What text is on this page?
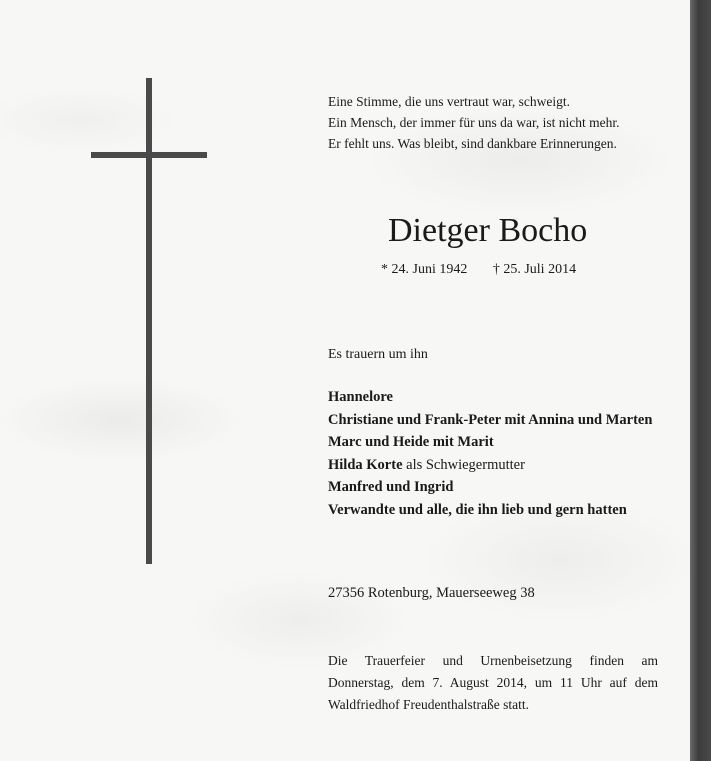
Eine Stimme, die uns vertraut war, schweigt.
Ein Mensch, der immer für uns da war, ist nicht mehr.
Er fehlt uns. Was bleibt, sind dankbare Erinnerungen.
Dietger Bocho
* 24. Juni 1942 † 25. Juli 2014
Es trauern um ihn
Hannelore
Christiane und Frank-Peter mit Annina und Marten
Marc und Heide mit Marit
Hilda Korte als Schwiegermutter
Manfred und Ingrid
Verwandte und alle, die ihn lieb und gern hatten
27356 Rotenburg, Mauerseeweg 38
Die Trauerfeier und Urnenbeisetzung finden am
Donnerstag, dem 7. August 2014, um 11 Uhr auf dem
Waldfriedhof Freudenthalstraße statt.
